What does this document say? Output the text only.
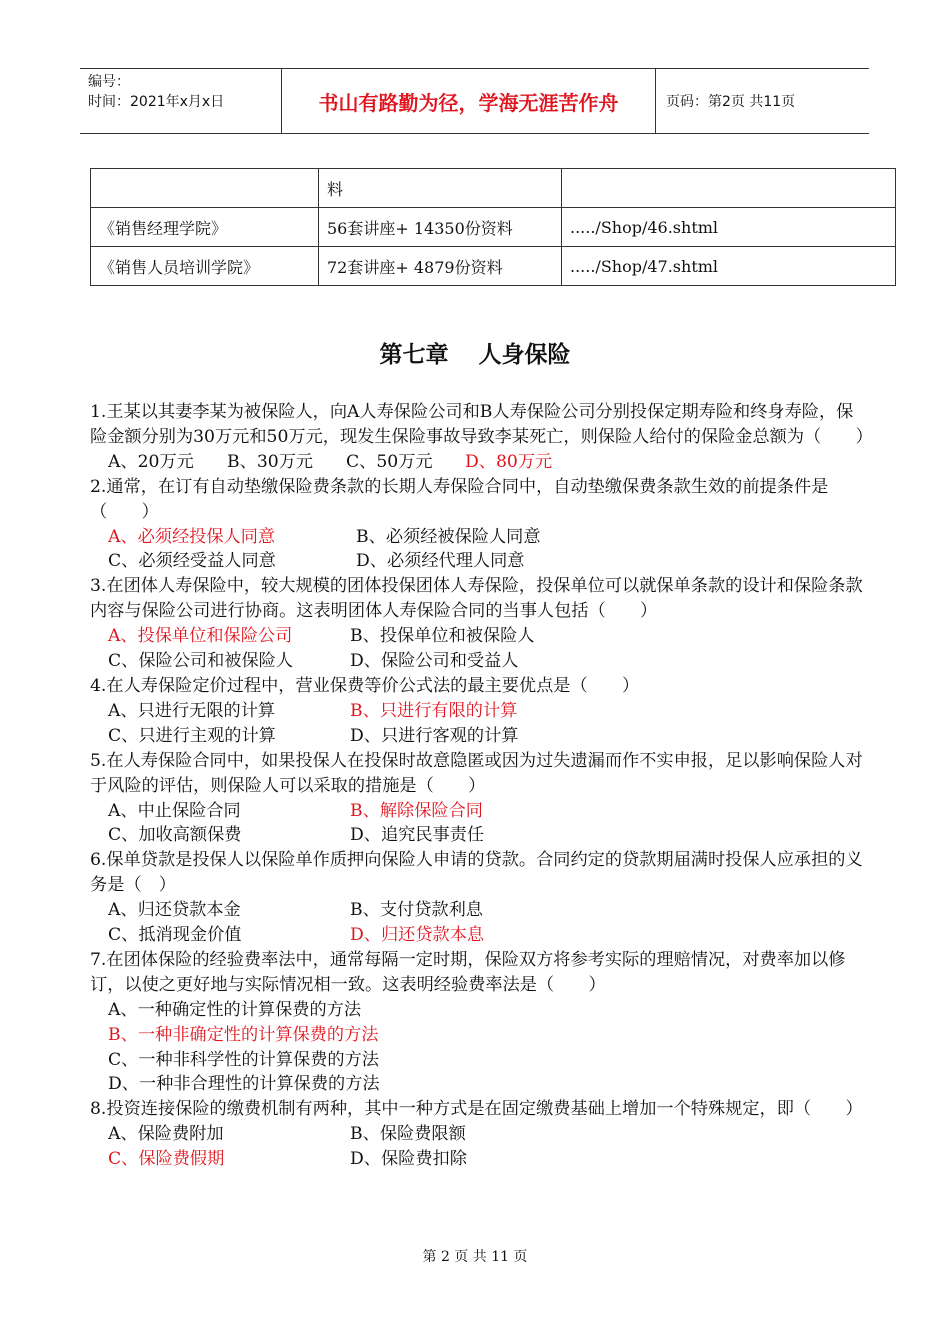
编号：
时间：2021年x月x日	书山有路勤为径，学海无涯苦作舟	页码：第2页 共11页
	料	
《销售经理学院》	56套讲座+ 14350份资料	...../Shop/46.shtml
《销售人员培训学院》	72套讲座+ 4879份资料	...../Shop/47.shtml
第七章 人身保险

1.王某以其妻李某为被保险人，向A人寿保险公司和B人寿保险公司分别投保定期寿险和终身寿险，保险金额分别为30万元和50万元，现发生保险事故导致李某死亡，则保险人给付的保险金总额为（　　）

A、20万元	B、30万元	C、50万元	D、80万元

2.通常，在订有自动垫缴保险费条款的长期人寿保险合同中，自动垫缴保费条款生效的前提条件是（　　）

A、必须经投保人同意	B、必须经被保险人同意
C、必须经受益人同意	D、必须经代理人同意

3.在团体人寿保险中，较大规模的团体投保团体人寿保险，投保单位可以就保单条款的设计和保险条款内容与保险公司进行协商。这表明团体人寿保险合同的当事人包括（　　）

A、投保单位和保险公司	B、投保单位和被保险人
C、保险公司和被保险人	D、保险公司和受益人

4.在人寿保险定价过程中，营业保费等价公式法的最主要优点是（　　）

A、只进行无限的计算	B、只进行有限的计算
C、只进行主观的计算	D、只进行客观的计算

5.在人寿保险合同中，如果投保人在投保时故意隐匿或因为过失遗漏而作不实申报，足以影响保险人对于风险的评估，则保险人可以采取的措施是（　　）

A、中止保险合同	B、解除保险合同
C、加收高额保费	D、追究民事责任

6.保单贷款是投保人以保险单作质押向保险人申请的贷款。合同约定的贷款期届满时投保人应承担的义务是（　）

A、归还贷款本金	B、支付贷款利息
C、抵消现金价值	D、归还贷款本息

7.在团体保险的经验费率法中，通常每隔一定时期，保险双方将参考实际的理赔情况，对费率加以修订，以使之更好地与实际情况相一致。这表明经验费率法是（　　）

A、一种确定性的计算保费的方法
B、一种非确定性的计算保费的方法
C、一种非科学性的计算保费的方法
D、一种非合理性的计算保费的方法

8.投资连接保险的缴费机制有两种，其中一种方式是在固定缴费基础上增加一个特殊规定，即（　　）

A、保险费附加	B、保险费限额
C、保险费假期	D、保险费扣除
第 2 页 共 11 页
